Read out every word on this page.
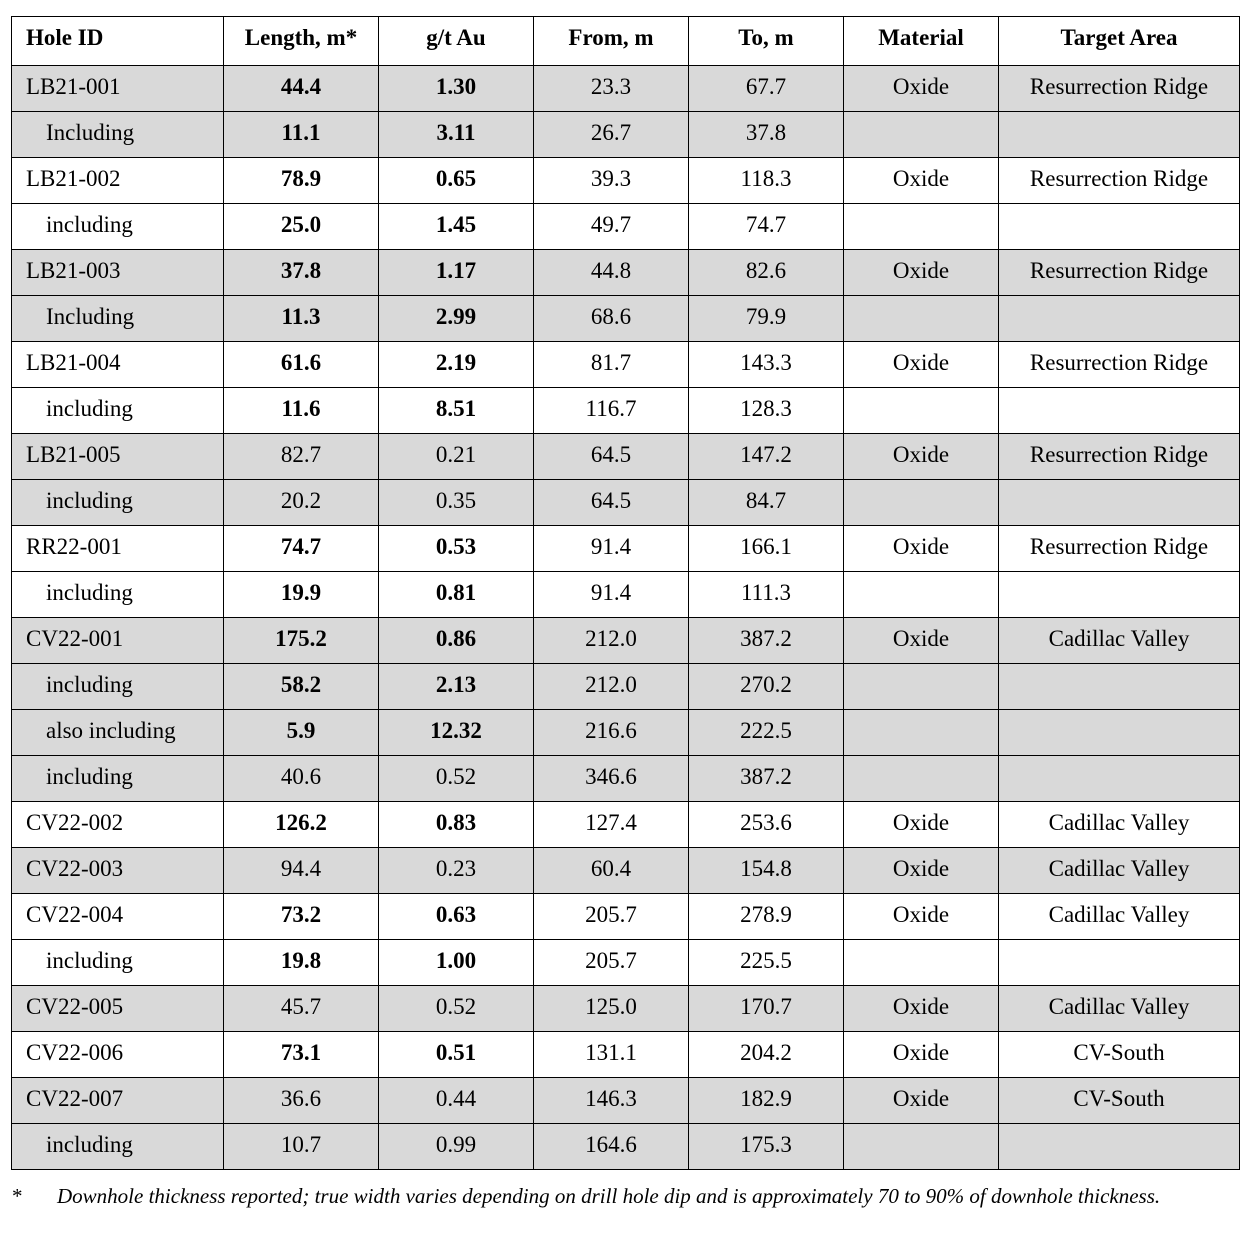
Hole ID	Length, m*	g/t Au	From, m	To, m	Material	Target Area
LB21-001	44.4	1.30	23.3	67.7	Oxide	Resurrection Ridge
Including	11.1	3.11	26.7	37.8		
LB21-002	78.9	0.65	39.3	118.3	Oxide	Resurrection Ridge
including	25.0	1.45	49.7	74.7		
LB21-003	37.8	1.17	44.8	82.6	Oxide	Resurrection Ridge
Including	11.3	2.99	68.6	79.9		
LB21-004	61.6	2.19	81.7	143.3	Oxide	Resurrection Ridge
including	11.6	8.51	116.7	128.3		
LB21-005	82.7	0.21	64.5	147.2	Oxide	Resurrection Ridge
including	20.2	0.35	64.5	84.7		
RR22-001	74.7	0.53	91.4	166.1	Oxide	Resurrection Ridge
including	19.9	0.81	91.4	111.3		
CV22-001	175.2	0.86	212.0	387.2	Oxide	Cadillac Valley
including	58.2	2.13	212.0	270.2		
also including	5.9	12.32	216.6	222.5		
including	40.6	0.52	346.6	387.2		
CV22-002	126.2	0.83	127.4	253.6	Oxide	Cadillac Valley
CV22-003	94.4	0.23	60.4	154.8	Oxide	Cadillac Valley
CV22-004	73.2	0.63	205.7	278.9	Oxide	Cadillac Valley
including	19.8	1.00	205.7	225.5		
CV22-005	45.7	0.52	125.0	170.7	Oxide	Cadillac Valley
CV22-006	73.1	0.51	131.1	204.2	Oxide	CV-South
CV22-007	36.6	0.44	146.3	182.9	Oxide	CV-South
including	10.7	0.99	164.6	175.3		
* Downhole thickness reported; true width varies depending on drill hole dip and is approximately 70 to 90% of downhole thickness.
